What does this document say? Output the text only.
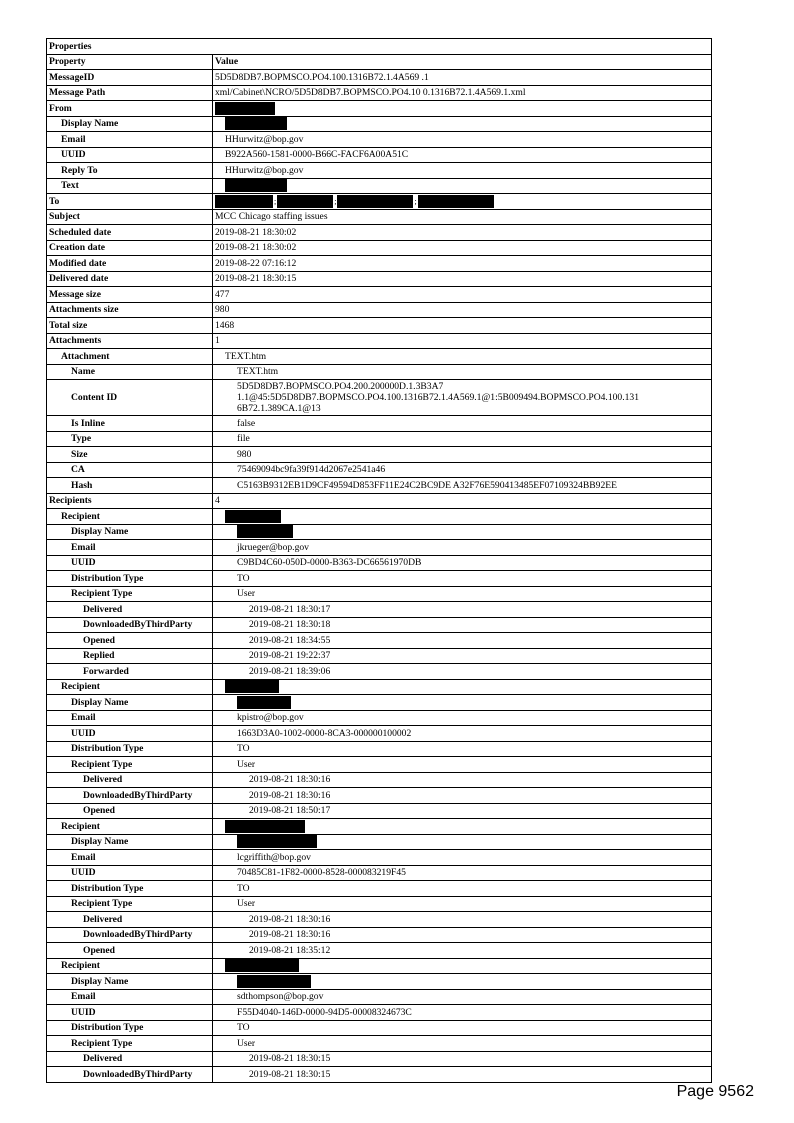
Properties	
Property	Value
MessageID	5D5D8DB7.BOPMSCO.PO4.100.1316B72.1.4A569 .1
Message Path	xml/Cabinet\NCRO/5D5D8DB7.BOPMSCO.PO4.10 0.1316B72.1.4A569.1.xml
From	
Display Name	
Email	HHurwitz@bop.gov
UUID	B922A560-1581-0000-B66C-FACF6A00A51C
Reply To	HHurwitz@bop.gov
Text	
To	; ; ;
Subject	MCC Chicago staffing issues
Scheduled date	2019-08-21 18:30:02
Creation date	2019-08-21 18:30:02
Modified date	2019-08-22 07:16:12
Delivered date	2019-08-21 18:30:15
Message size	477
Attachments size	980
Total size	1468
Attachments	1
Attachment	TEXT.htm
Name	TEXT.htm
Content ID	5D5D8DB7.BOPMSCO.PO4.200.200000D.1.3B3A7 1.1@45:5D5D8DB7.BOPMSCO.PO4.100.1316B72.1.4A569.1@1:5B009494.BOPMSCO.PO4.100.131 6B72.1.389CA.1@13
Is Inline	false
Type	file
Size	980
CA	75469094bc9fa39f914d2067e2541a46
Hash	C5163B9312EB1D9CF49594D853FF11E24C2BC9DE A32F76E590413485EF07109324BB92EE
Recipients	4
Recipient	
Display Name	
Email	jkrueger@bop.gov
UUID	C9BD4C60-050D-0000-B363-DC66561970DB
Distribution Type	TO
Recipient Type	User
Delivered	2019-08-21 18:30:17
DownloadedByThirdParty	2019-08-21 18:30:18
Opened	2019-08-21 18:34:55
Replied	2019-08-21 19:22:37
Forwarded	2019-08-21 18:39:06
Recipient	
Display Name	
Email	kpistro@bop.gov
UUID	1663D3A0-1002-0000-8CA3-000000100002
Distribution Type	TO
Recipient Type	User
Delivered	2019-08-21 18:30:16
DownloadedByThirdParty	2019-08-21 18:30:16
Opened	2019-08-21 18:50:17
Recipient	
Display Name	
Email	lcgriffith@bop.gov
UUID	70485C81-1F82-0000-8528-000083219F45
Distribution Type	TO
Recipient Type	User
Delivered	2019-08-21 18:30:16
DownloadedByThirdParty	2019-08-21 18:30:16
Opened	2019-08-21 18:35:12
Recipient	
Display Name	
Email	sdthompson@bop.gov
UUID	F55D4040-146D-0000-94D5-00008324673C
Distribution Type	TO
Recipient Type	User
Delivered	2019-08-21 18:30:15
DownloadedByThirdParty	2019-08-21 18:30:15
Page 9562
